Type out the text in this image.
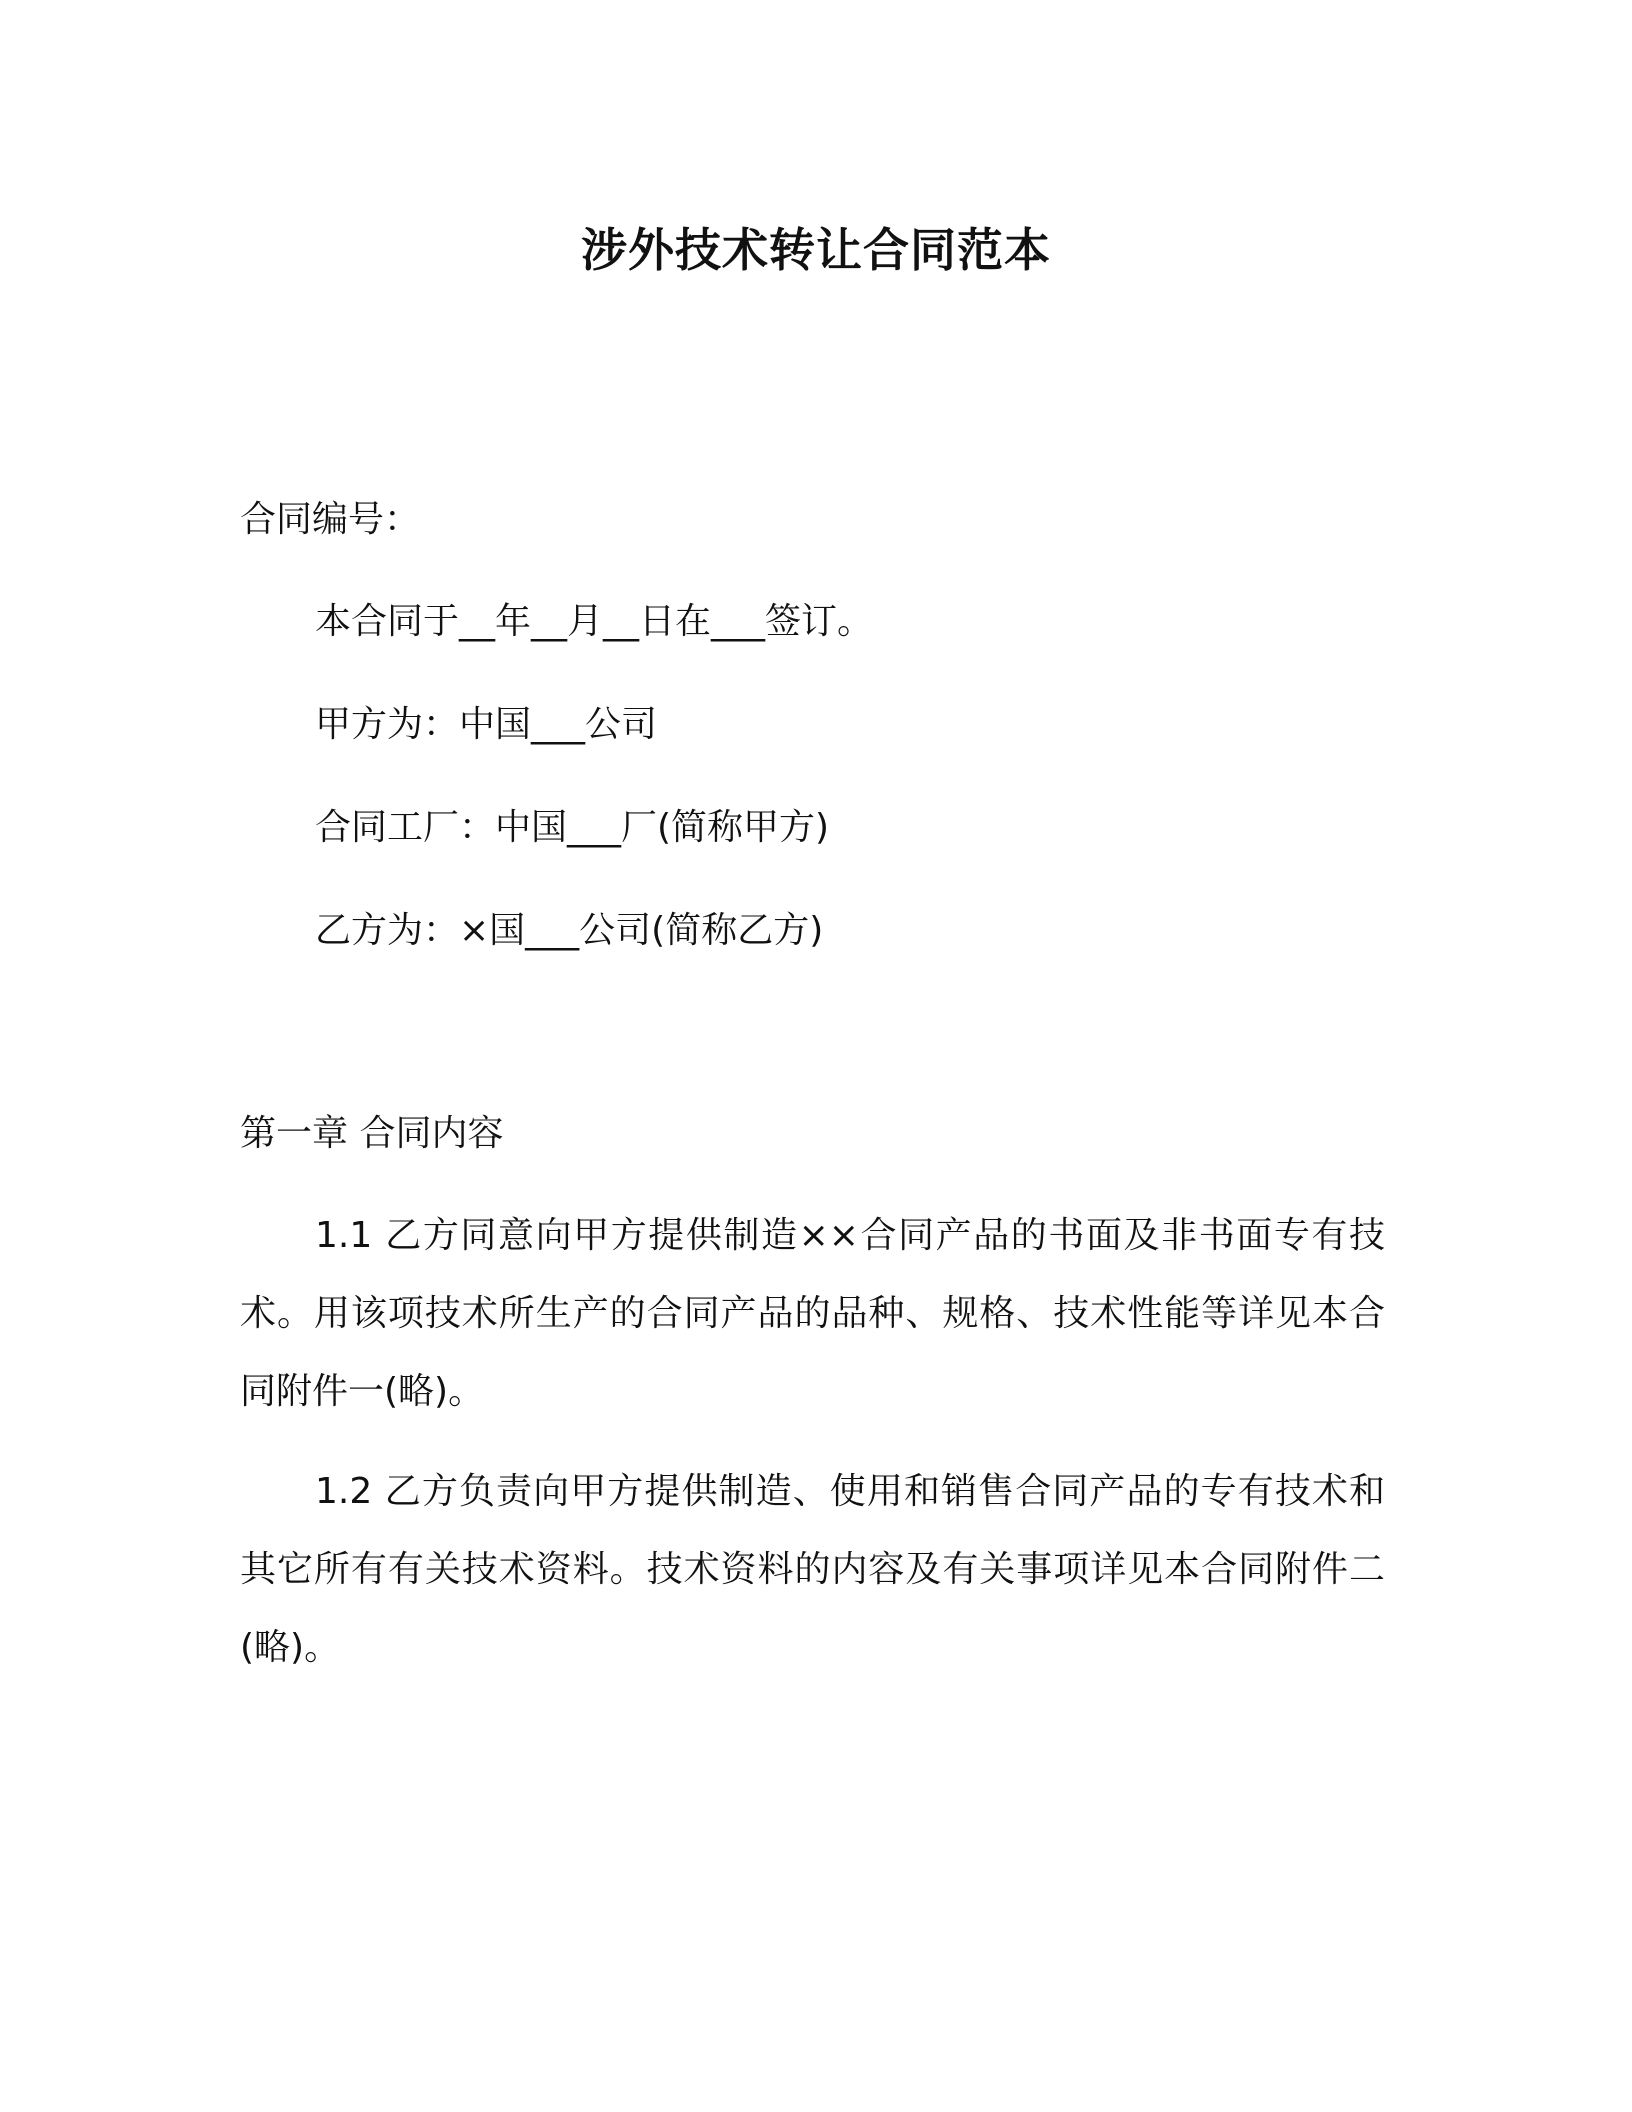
涉外技术转让合同范本

合同编号：

本合同于__年__月__日在___签订。

甲方为：中国___公司

合同工厂：中国___厂(简称甲方)

乙方为：×国___公司(简称乙方)

第一章 合同内容

1.1 乙方同意向甲方提供制造××合同产品的书面及非书面专有技术。用该项技术所生产的合同产品的品种、规格、技术性能等详见本合同附件一(略)。

1.2 乙方负责向甲方提供制造、使用和销售合同产品的专有技术和其它所有有关技术资料。技术资料的内容及有关事项详见本合同附件二(略)。
